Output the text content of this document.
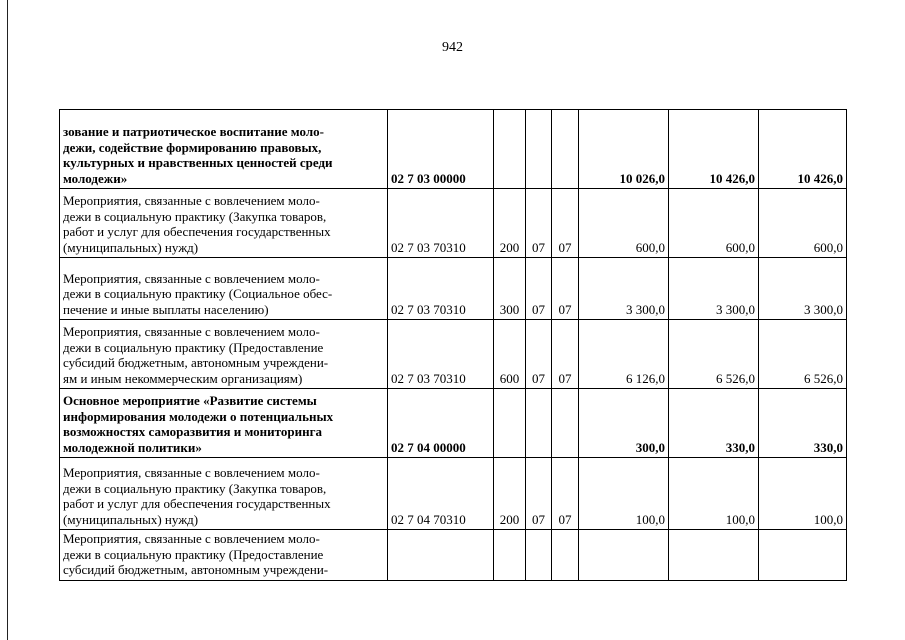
942
зование и патриотическое воспитание моло-
дежи, содействие формированию правовых,
культурных и нравственных ценностей среди
молодежи»	02 7 03 00000				10 026,0	10 426,0	10 426,0
Мероприятия, связанные с вовлечением моло-
дежи в социальную практику (Закупка товаров,
работ и услуг для обеспечения государственных
(муниципальных) нужд)	02 7 03 70310	200	07	07	600,0	600,0	600,0
Мероприятия, связанные с вовлечением моло-
дежи в социальную практику (Социальное обес-
печение и иные выплаты населению)	02 7 03 70310	300	07	07	3 300,0	3 300,0	3 300,0
Мероприятия, связанные с вовлечением моло-
дежи в социальную практику (Предоставление
субсидий бюджетным, автономным учреждени-
ям и иным некоммерческим организациям)	02 7 03 70310	600	07	07	6 126,0	6 526,0	6 526,0
Основное мероприятие «Развитие системы
информирования молодежи о потенциальных
возможностях саморазвития и мониторинга
молодежной политики»	02 7 04 00000				300,0	330,0	330,0
Мероприятия, связанные с вовлечением моло-
дежи в социальную практику (Закупка товаров,
работ и услуг для обеспечения государственных
(муниципальных) нужд)	02 7 04 70310	200	07	07	100,0	100,0	100,0
Мероприятия, связанные с вовлечением моло-
дежи в социальную практику (Предоставление
субсидий бюджетным, автономным учреждени-							
